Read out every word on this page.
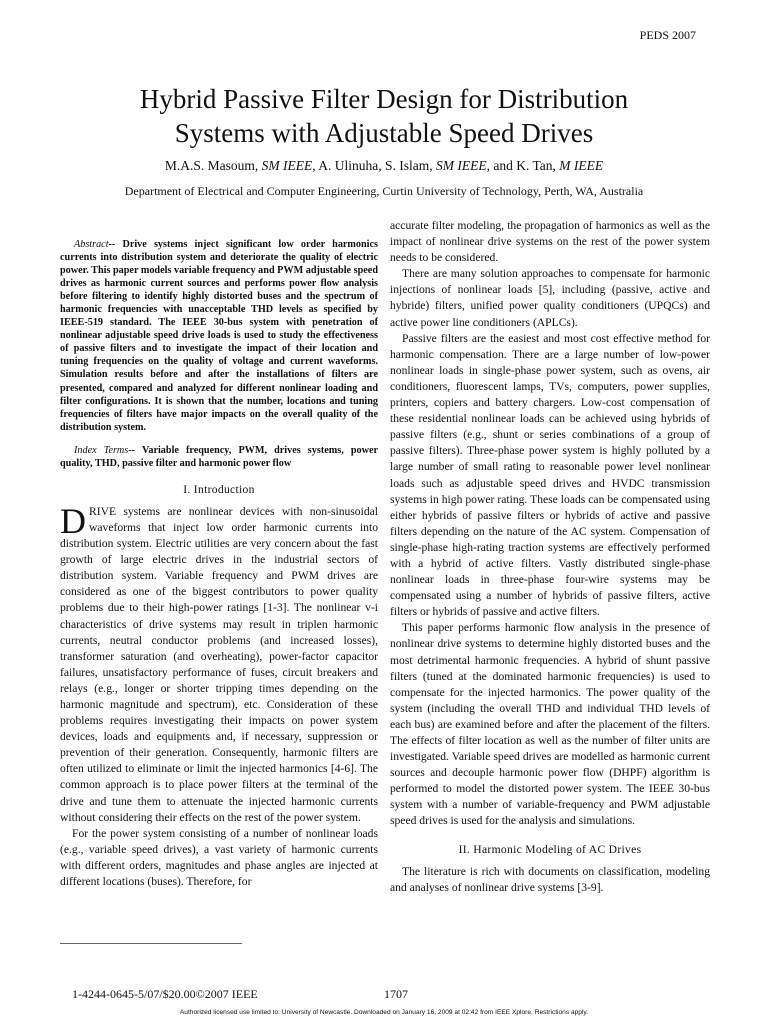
PEDS 2007
Hybrid Passive Filter Design for Distribution
Systems with Adjustable Speed Drives
M.A.S. Masoum, SM IEEE, A. Ulinuha, S. Islam, SM IEEE, and K. Tan, M IEEE
Department of Electrical and Computer Engineering, Curtin University of Technology, Perth, WA, Australia

Abstract-- Drive systems inject significant low order harmonics currents into distribution system and deteriorate the quality of electric power. This paper models variable frequency and PWM adjustable speed drives as harmonic current sources and performs power flow analysis before filtering to identify highly distorted buses and the spectrum of harmonic frequencies with unacceptable THD levels as specified by IEEE-519 standard. The IEEE 30-bus system with penetration of nonlinear adjustable speed drive loads is used to study the effectiveness of passive filters and to investigate the impact of their location and tuning frequencies on the quality of voltage and current waveforms. Simulation results before and after the installations of filters are presented, compared and analyzed for different nonlinear loading and filter configurations. It is shown that the number, locations and tuning frequencies of filters have major impacts on the overall quality of the distribution system.

Index Terms-- Variable frequency, PWM, drives systems, power quality, THD, passive filter and harmonic power flow

I. Introduction

DRIVE systems are nonlinear devices with non-sinusoidal waveforms that inject low order harmonic currents into distribution system. Electric utilities are very concern about the fast growth of large electric drives in the industrial sectors of distribution system. Variable frequency and PWM drives are considered as one of the biggest contributors to power quality problems due to their high-power ratings [1-3]. The nonlinear v-i characteristics of drive systems may result in triplen harmonic currents, neutral conductor problems (and increased losses), transformer saturation (and overheating), power-factor capacitor failures, unsatisfactory performance of fuses, circuit breakers and relays (e.g., longer or shorter tripping times depending on the harmonic magnitude and spectrum), etc. Consideration of these problems requires investigating their impacts on power system devices, loads and equipments and, if necessary, suppression or prevention of their generation. Consequently, harmonic filters are often utilized to eliminate or limit the injected harmonics [4-6]. The common approach is to place power filters at the terminal of the drive and tune them to attenuate the injected harmonic currents without considering their effects on the rest of the power system.

For the power system consisting of a number of nonlinear loads (e.g., variable speed drives), a vast variety of harmonic currents with different orders, magnitudes and phase angles are injected at different locations (buses). Therefore, for

accurate filter modeling, the propagation of harmonics as well as the impact of nonlinear drive systems on the rest of the power system needs to be considered.

There are many solution approaches to compensate for harmonic injections of nonlinear loads [5], including (passive, active and hybride) filters, unified power quality conditioners (UPQCs) and active power line conditioners (APLCs).

Passive filters are the easiest and most cost effective method for harmonic compensation. There are a large number of low-power nonlinear loads in single-phase power system, such as ovens, air conditioners, fluorescent lamps, TVs, computers, power supplies, printers, copiers and battery chargers. Low-cost compensation of these residential nonlinear loads can be achieved using hybrids of passive filters (e.g., shunt or series combinations of a group of passive filters). Three-phase power system is highly polluted by a large number of small rating to reasonable power level nonlinear loads such as adjustable speed drives and HVDC transmission systems in high power rating. These loads can be compensated using either hybrids of passive filters or hybrids of active and passive filters depending on the nature of the AC system. Compensation of single-phase high-rating traction systems are effectively performed with a hybrid of active filters. Vastly distributed single-phase nonlinear loads in three-phase four-wire systems may be compensated using a number of hybrids of passive filters, active filters or hybrids of passive and active filters.

This paper performs harmonic flow analysis in the presence of nonlinear drive systems to determine highly distorted buses and the most detrimental harmonic frequencies. A hybrid of shunt passive filters (tuned at the dominated harmonic frequencies) is used to compensate for the injected harmonics. The power quality of the system (including the overall THD and individual THD levels of each bus) are examined before and after the placement of the filters. The effects of filter location as well as the number of filter units are investigated. Variable speed drives are modelled as harmonic current sources and decouple harmonic power flow (DHPF) algorithm is performed to model the distorted power system. The IEEE 30-bus system with a number of variable-frequency and PWM adjustable speed drives is used for the analysis and simulations.

II. Harmonic Modeling of AC Drives

The literature is rich with documents on classification, modeling and analyses of nonlinear drive systems [3-9].

1-4244-0645-5/07/$20.00©2007 IEEE	1707
Authorized licensed use limited to: University of Newcastle. Downloaded on January 16, 2009 at 02:42 from IEEE Xplore. Restrictions apply.
